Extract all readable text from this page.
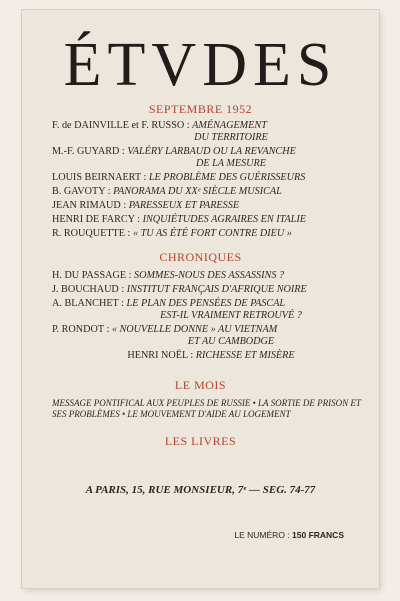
ÉTVDES
SEPTEMBRE 1952
F. de DAINVILLE et F. RUSSO : AMÉNAGEMENT
DU TERRITOIRE
M.-F. GUYARD : VALÉRY LARBAUD OU LA REVANCHE
DE LA MESURE
LOUIS BEIRNAERT : LE PROBLÈME DES GUÉRISSEURS
B. GAVOTY : PANORAMA DU XXᵉ SIÈCLE MUSICAL
JEAN RIMAUD : PARESSEUX ET PARESSE
HENRI DE FARCY : INQUIÉTUDES AGRAIRES EN ITALIE
R. ROUQUETTE : « TU AS ÉTÉ FORT CONTRE DIEU »
CHRONIQUES
H. DU PASSAGE : SOMMES-NOUS DES ASSASSINS ?
J. BOUCHAUD : INSTITUT FRANÇAIS D'AFRIQUE NOIRE
A. BLANCHET : LE PLAN DES PENSÉES DE PASCAL
EST-IL VRAIMENT RETROUVÉ ?
P. RONDOT : « NOUVELLE DONNE » AU VIETNAM
ET AU CAMBODGE
HENRI NOËL : RICHESSE ET MISÈRE
LE MOIS
MESSAGE PONTIFICAL AUX PEUPLES DE RUSSIE • LA SORTIE DE PRISON ET SES PROBLÈMES • LE MOUVEMENT D'AIDE AU LOGEMENT
LES LIVRES
A PARIS, 15, RUE MONSIEUR, 7ᵉ — SEG. 74-77
LE NUMÉRO : 150 FRANCS
